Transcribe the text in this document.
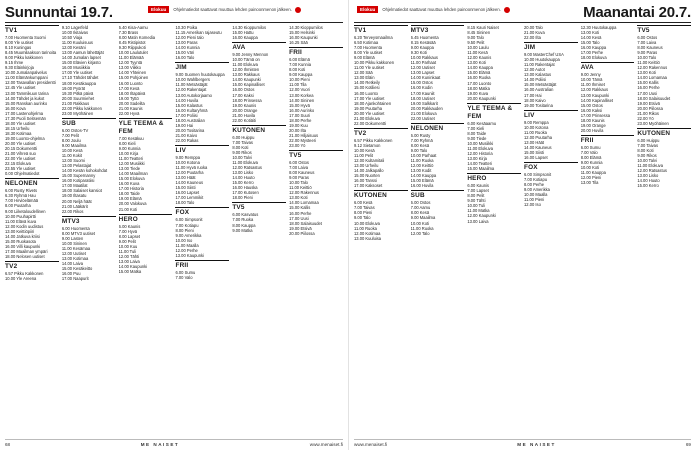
Sunnuntai 19.7.	Elokuu	Ohjelmatiedot saattavat muuttua lehden painoonmenon jälkeen.
TV1
7.00 Huomenta Suomi
8.00 Yle uutiset
8.10 Kuningas
8.45 Muumilaakson tarinoita
9.00 Pikku kakkonen
9.15 Ihme
9.30 Eläinkirjoja
10.00 Jumalanpalvelus
11.00 Elämänkumppani
12.00 Tasavallan presidentti
12.45 Yle uutiset
13.00 Tammikuun tarina
14.00 Tähdet ja kukot
15.00 Ranskan aurinko
16.00 Kova
17.00 Lastenohjelma
17.30 Puoli Seitsemän
18.00 Yle uutiset
18.15 Urheilu
18.30 Kotimaa
19.00 Luonto-ohjelma
20.00 Yle uutiset
20.15 Dokumentti
21.00 Vihreä suo
22.00 Yle uutiset
22.15 Elokuva
23.55 Yle uutiset
0.00 Ohjelmatiedot
NELONEN
6.00 Rusty Rivets
6.30 Ryhmä Hau
7.00 Hirviöelämää
8.00 Puutarha
9.00 Liiketaloudellinen
10.00 Puuhapirtti
11.00 Elävä kuva
12.00 Kodin uudistus
13.00 Keittiöpiiri
14.00 Jatkuva kriisi
15.00 Ruokasota
16.00 Villi kaupunki
17.00 Maailman ympäri
18.00 Nelosen uutiset
TV2
6.57 Pikku Kakkonen
10.00 Yle Areena
9.10 Lagerfeld
10.00 Ikitaivas
10.50 Viaja
11.00 Kuuluisuus
12.00 Kesäni
13.00 Aamun lähettäjät
14.00 Jumalan lapset
15.00 Elävien kirjasto
16.00 Musiikkia
17.00 Yle uutiset
17.10 Tähdet tähdet
18.00 Kesäkauppa
19.00 Pyörät
19.30 Pitkä päivä
20.00 Suurmiehet
21.00 Rakkaus
22.00 Pikku kakkonen
23.00 Myöhäinen
SUB
6.00 Ostos-TV
7.00 Pelit
8.00 Joulu
9.00 Maailma
10.00 Kesä
11.00 Kokit
12.00 Suomi
13.00 Pelastajat
14.00 Kesän kohokohdat
15.00 Supernanny
16.00 Kotiparatiisi
17.00 Maatilat
18.00 Salaiset kansiot
19.00 Iltasatu
20.00 Neljä häät
21.00 Lääkärit
22.00 Rikos
MTV3
6.00 Huomenta
8.00 MTV3 uutiset
9.00 Lasten
10.00 Sininen
11.00 Kesämaa
12.00 Uutiset
13.00 Kotimaa
14.00 Laiva
15.00 Kesäkeitto
16.00 Puu
17.00 Naapurit
6.40 Kisa-Aamu
7.30 Brass
8.00 Matin Komedia
8.45 Ristipistot
9.30 Riippukoti
10.00 Laulutulet
11.00 Elämää
12.00 Tyyntä
13.00 Viikko
14.00 Yhteinen
15.00 Pohjoinen
16.00 Luonto
17.00 Kesä
18.00 Iltapäivä
19.00 Tyttö
20.00 Sadeilta
21.00 Kaunis
22.00 Hyvä
YLE TEEMA & FEM
7.00 Kesäkuu
8.00 Kieli
9.00 Kunnia
10.00 Kirja
11.00 Teatteri
12.00 Musiikki
13.00 Tiede
14.00 Maailman
15.00 Elokuva
16.00 Kuva
17.00 Historia
18.00 Taide
19.00 Elämä
20.00 Valokuva
21.00 Koti
HERO
6.00 Kaunis
7.00 Hyvä
8.00 Lapset
9.00 Pelit
10.00 Kuu
11.00 Tuli
12.00 Tähti
13.00 Laiva
14.00 Kaupunki
15.00 Matka
10.30 Poika
11.15 Amerikan rajaseutu
12.00 Pieni talo
13.00 Paras
14.00 Kunnia
15.00 Väri
16.00 Talo
JIM
9.00 Suomen huutokauppa
10.00 Wahlbergers
11.00 Metsästäjät
12.00 Rakentajat
13.00 Autokorjaamo
14.00 Huvila
15.00 Kalastus
16.00 Kultaryhmä
17.00 Poliisi
18.00 Australian
19.00 Hai
20.00 Tositarina
21.00 Kaivo
22.00 Rakas
LIV
9.00 Remppa
10.00 Kotona
11.00 Hyvä ruoka
12.00 Puutarha
13.00 Häät
14.00 Kauneus
15.00 Siisti
16.00 Lapset
17.00 Lemmikit
18.00 Talo
FOX
6.00 Simpsonit
7.00 Kotiapu
8.00 Pieni
9.00 Amerikka
10.00 Iso
11.00 Maalla
12.00 Perhe
13.00 Kaupunki
FRII
6.00 Sumu
7.00 Valo
14.30 Kioppumilos
15.00 Hattu
16.00 Kauppa
AVA
9.00 Jenny Mennon
10.00 Tämä on
11.00 Elokuva
12.00 Ihmisten
13.00 Rakkaus
14.00 Kaupunki
15.00 Kapinalliset
16.00 Ostos
17.00 Kaksi
18.00 Prinsessa
19.00 Kaunis
20.00 Orange
21.00 Huvila
22.00 Kotiäiti
KUTONEN
6.00 Huippu
7.00 Taivas
8.00 Koti
9.00 Rikos
10.00 Talvi
11.00 Elokuva
12.00 Ratsastus
13.00 Lisko
14.00 Huuto
15.00 Kerro
16.00 Hauska
17.00 Kutosen
18.00 Pieni
TV5
6.00 Kasvatus
7.00 Ruoka
8.00 Kauppa
9.00 Matka
14.30 Kioppumilos
15.00 Helsinki
16.00 Kaupunki
16.25 Sää
FRII
6.00 Elämä
7.00 Kunnia
8.00 Koti
9.00 Kauppa
10.00 Pieni
11.00 Tila
12.00 Vuori
13.00 Korkea
14.00 Sininen
15.00 Hyvä
16.00 Aurinko
17.00 Suuri
18.00 Perhe
19.00 Kuu
20.00 Ilta
21.00 Hiljaisuus
22.00 Mysteeri
23.00 Yö
TV5
6.00 Ostos
7.00 Laiva
8.00 Kauneus
9.00 Paras
10.00 Talo
11.00 Keittiö
12.00 Rakennus
13.00 Koti
14.00 Lomamaa
15.00 Kallis
16.00 Perhe
17.00 Uusi
18.00 Salaisuudet
19.00 Etsivä
20.00 Piilossa
68	ME NAISET	www.menaiset.fi
Maanantai 20.7.
Elokuu	Ohjelmatiedot saattavat muuttua lehden painoonmenon jälkeen.
TV1
6.20 Terveysmaailma
6.50 Kotimaa
7.00 Huomenta
8.00 Yle uutiset
9.00 Elämä
10.00 Pikku kakkonen
11.00 Yle uutiset
12.00 Sää
13.00 Eläin
14.00 Retkeily
15.00 Kotiliesi
16.00 Luonto
17.00 Yle uutiset
18.00 Ajankohtainen
19.00 Puutarha
20.00 Yle uutiset
21.00 Elokuva
22.00 Dokumentti
TV2
6.57 Pikku Kakkonen
9.12 Sietamon
10.00 Kesä
11.00 Pelit
12.00 Kultamitali
13.00 Urheilu
14.00 Jalkapallo
15.00 Nuorten
16.00 Tanssi
17.00 Kaksoset
KUTONEN
6.00 Kesä
7.00 Taivas
8.00 Pieni
9.00 Talo
10.00 Elokuva
11.00 Ruoka
12.00 Kotimaa
13.00 Kuuluisa
MTV3
6.45 Huomenta
8.15 Kesäsää
9.00 Kauppa
9.30 Koti
10.00 Rakkaus
11.00 Parhaat
12.00 Uutiset
13.00 Lapset
14.00 Kuninkaat
15.00 Ostos
16.00 Kodin
17.00 Kauniit
18.00 Uutiset
19.00 Salkkarit
20.00 Rakkauden
21.00 Elokuva
22.00 Uutiset
NELONEN
6.00 Rusty
7.00 Ryhmä
8.00 Kesä
9.00 Talo
10.00 Parhaat
11.00 Ruoka
12.00 Keittiö
13.00 Kodit
14.00 Kauppa
15.00 Elämä
16.00 Huvila
SUB
6.00 Ostos
7.00 Aamu
8.00 Kesä
9.00 Maailma
10.00 Koti
11.00 Ruoka
12.00 Talo
8.15 Kauri Naiset
8.45 Sininen
9.00 Talo
9.50 Pelit
10.00 Laulu
11.00 Kesä
12.00 Kaunis
13.00 Koti
14.00 Kauppa
15.00 Elämä
16.00 Ruoka
17.00 Luonto
18.00 Matka
19.00 Kuva
20.00 Kaupunki
YLE TEEMA & FEM
6.00 Kesäaamu
7.00 Kieli
8.00 Taide
9.00 Tiede
10.00 Musiikki
11.00 Elokuva
12.00 Historia
13.00 Kirja
14.00 Teatteri
15.00 Maailma
HERO
6.00 Kaunis
7.00 Lapset
8.00 Pelit
9.00 Tähti
10.00 Tuli
11.00 Matka
12.00 Kaupunki
13.00 Laiva
20.00 Talo
21.00 Kuva
22.00 Ilta
JIM
9.00 MasterChef USA
10.00 Huutokauppa
11.00 Rakentajat
12.00 Autot
13.00 Kalastus
14.00 Poliisi
15.00 Metsästäjät
16.00 Australian
17.00 Hai
18.00 Kaivo
19.00 Tositarina
LIV
9.00 Remppa
10.00 Kotona
11.00 Ruoka
12.00 Puutarha
13.00 Häät
14.00 Kauneus
15.00 Siisti
16.00 Lapset
FOX
6.00 Simpsonit
7.00 Kotiapu
8.00 Perhe
9.00 Amerikka
10.00 Maalla
11.00 Pieni
12.00 Iso
12.30 Huutokauppa
13.00 Koti
14.00 Kesä
15.00 Talo
16.00 Kauppa
17.00 Perhe
18.00 Elokuva
AVA
9.00 Jenny
10.00 Tämä
11.00 Ihmiset
12.00 Rakkaus
13.00 Kaupunki
14.00 Kapinalliset
15.00 Ostos
16.00 Kaksi
17.00 Prinsessa
18.00 Kaunis
19.00 Orange
20.00 Huvila
FRII
6.00 Sumu
7.00 Valo
8.00 Elämä
9.00 Kunnia
10.00 Koti
11.00 Kauppa
12.00 Pieni
13.00 Tila
TV5
6.00 Ostos
7.00 Laiva
8.00 Kauneus
9.00 Paras
10.00 Talo
11.00 Keittiö
12.00 Rakennus
13.00 Koti
14.00 Lomamaa
15.00 Kallis
16.00 Perhe
17.00 Uusi
18.00 Salaisuudet
19.00 Etsivä
20.00 Piilossa
21.00 Rikos
22.00 Yö
23.00 Myöhäinen
KUTONEN
6.00 Huippu
7.00 Taivas
8.00 Koti
9.00 Rikos
10.00 Talvi
11.00 Elokuva
12.00 Ratsastus
13.00 Lisko
14.00 Huuto
15.00 Kerro
www.menaiset.fi	ME NAISET	69
